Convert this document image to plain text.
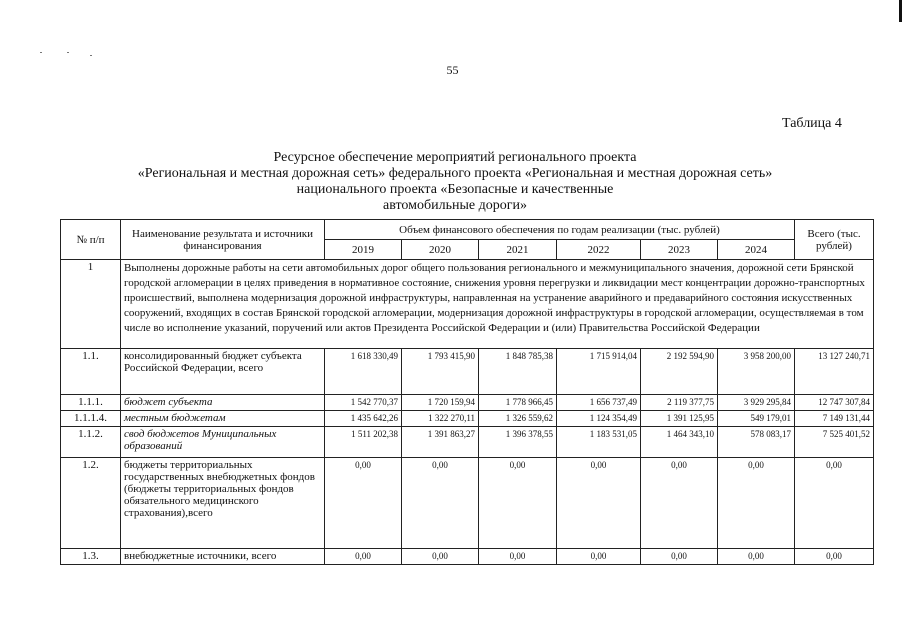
55
Таблица 4
Ресурсное обеспечение мероприятий регионального проекта
«Региональная и местная дорожная сеть» федерального проекта «Региональная и местная дорожная сеть»
национального проекта «Безопасные и качественные
автомобильные дороги»
№ п/п	Наименование результата и источники финансирования	Объем финансового обеспечения по годам реализации (тыс. рублей)						Всего (тыс. рублей)
		2019	2020	2021	2022	2023	2024	
1	Выполнены дорожные работы на сети автомобильных дорог общего пользования регионального и межмуниципального значения, дорожной сети Брянской городской агломерации в целях приведения в нормативное состояние, снижения уровня перегрузки и ликвидации мест концентрации дорожно-транспортных происшествий, выполнена модернизация дорожной инфраструктуры, направленная на устранение аварийного и предаварийного состояния искусственных сооружений, входящих в состав Брянской городской агломерации, модернизация дорожной инфраструктуры в городской агломерации, осуществляемая в том числе во исполнение указаний, поручений или актов Президента Российской Федерации и (или) Правительства Российской Федерации							
1.1.	консолидированный бюджет субъекта Российской Федерации, всего	1 618 330,49	1 793 415,90	1 848 785,38	1 715 914,04	2 192 594,90	3 958 200,00	13 127 240,71
1.1.1.	бюджет субъекта	1 542 770,37	1 720 159,94	1 778 966,45	1 656 737,49	2 119 377,75	3 929 295,84	12 747 307,84
1.1.1.4.	местным бюджетам	1 435 642,26	1 322 270,11	1 326 559,62	1 124 354,49	1 391 125,95	549 179,01	7 149 131,44
1.1.2.	свод бюджетов Муниципальных образований	1 511 202,38	1 391 863,27	1 396 378,55	1 183 531,05	1 464 343,10	578 083,17	7 525 401,52
1.2.	бюджеты территориальных государственных внебюджетных фондов (бюджеты территориальных фондов обязательного медицинского страхования),всего	0,00	0,00	0,00	0,00	0,00	0,00	0,00
1.3.	внебюджетные источники, всего	0,00	0,00	0,00	0,00	0,00	0,00	0,00
